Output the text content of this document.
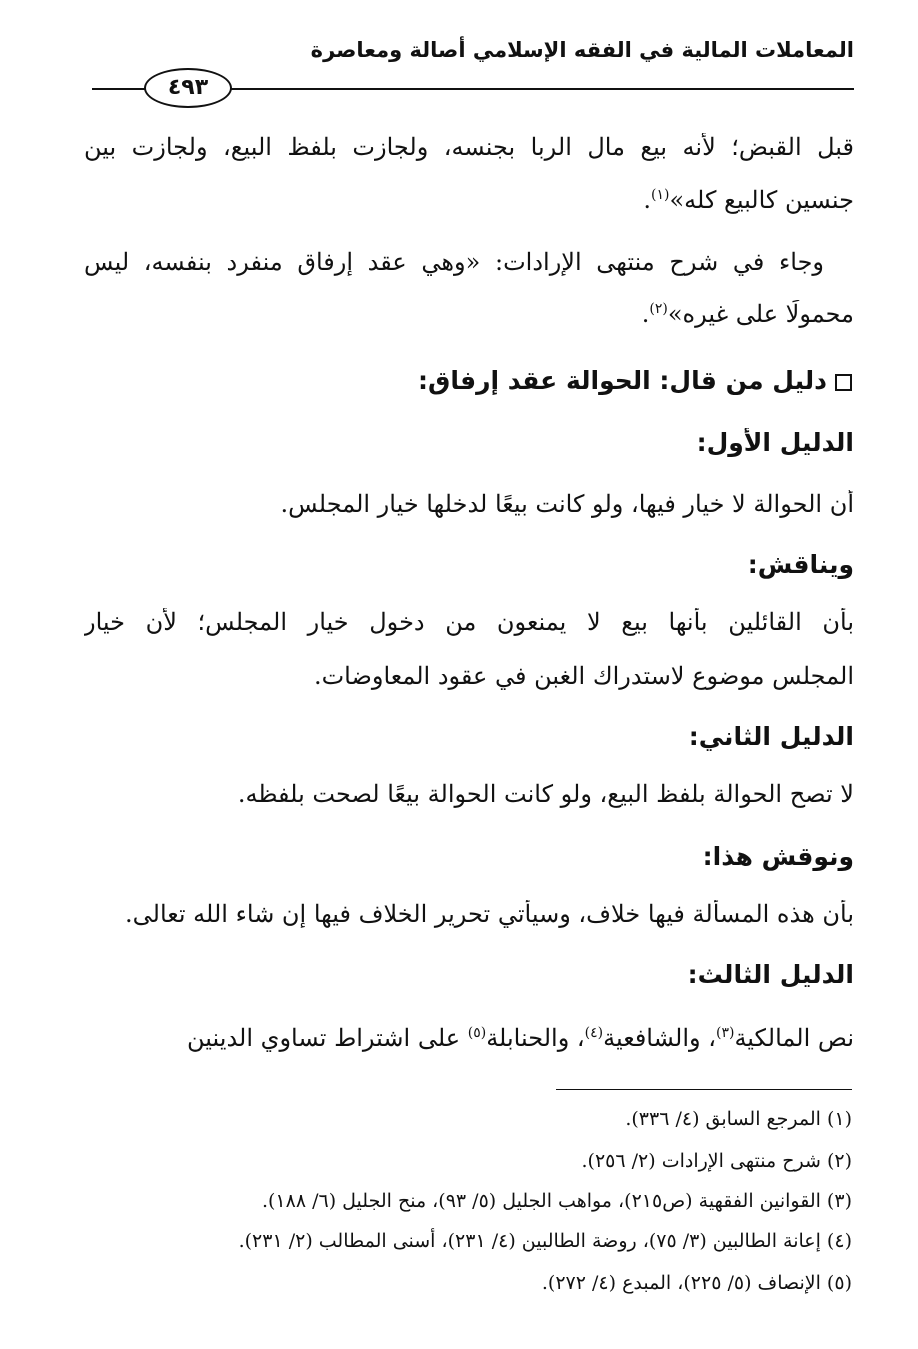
المعاملات المالية في الفقه الإسلامي أصالة ومعاصرة
٤٩٣
قبل القبض؛ لأنه بيع مال الربا بجنسه، ولجازت بلفظ البيع، ولجازت بين
جنسين كالبيع كله»$^{(١)}$.
وجاء في شرح منتهى الإرادات: «وهي عقد إرفاق منفرد بنفسه، ليس
محمولًا على غيره»$^{(٢)}$.
دليل من قال: الحوالة عقد إرفاق:
الدليل الأول:
أن الحوالة لا خيار فيها، ولو كانت بيعًا لدخلها خيار المجلس.
ويناقش:
بأن القائلين بأنها بيع لا يمنعون من دخول خيار المجلس؛ لأن خيار
المجلس موضوع لاستدراك الغبن في عقود المعاوضات.
الدليل الثاني:
لا تصح الحوالة بلفظ البيع، ولو كانت الحوالة بيعًا لصحت بلفظه.
ونوقش هذا:
بأن هذه المسألة فيها خلاف، وسيأتي تحرير الخلاف فيها إن شاء الله تعالى.
الدليل الثالث:
نص المالكية$^{(٣)}$، والشافعية$^{(٤)}$، والحنابلة$^{(٥)}$ على اشتراط تساوي الدينين
(١) المرجع السابق (٤/ ٣٣٦).
(٢) شرح منتهى الإرادات (٢/ ٢٥٦).
(٣) القوانين الفقهية (ص٢١٥)، مواهب الجليل (٥/ ٩٣)، منح الجليل (٦/ ١٨٨).
(٤) إعانة الطالبين (٣/ ٧٥)، روضة الطالبين (٤/ ٢٣١)، أسنى المطالب (٢/ ٢٣١).
(٥) الإنصاف (٥/ ٢٢٥)، المبدع (٤/ ٢٧٢).
